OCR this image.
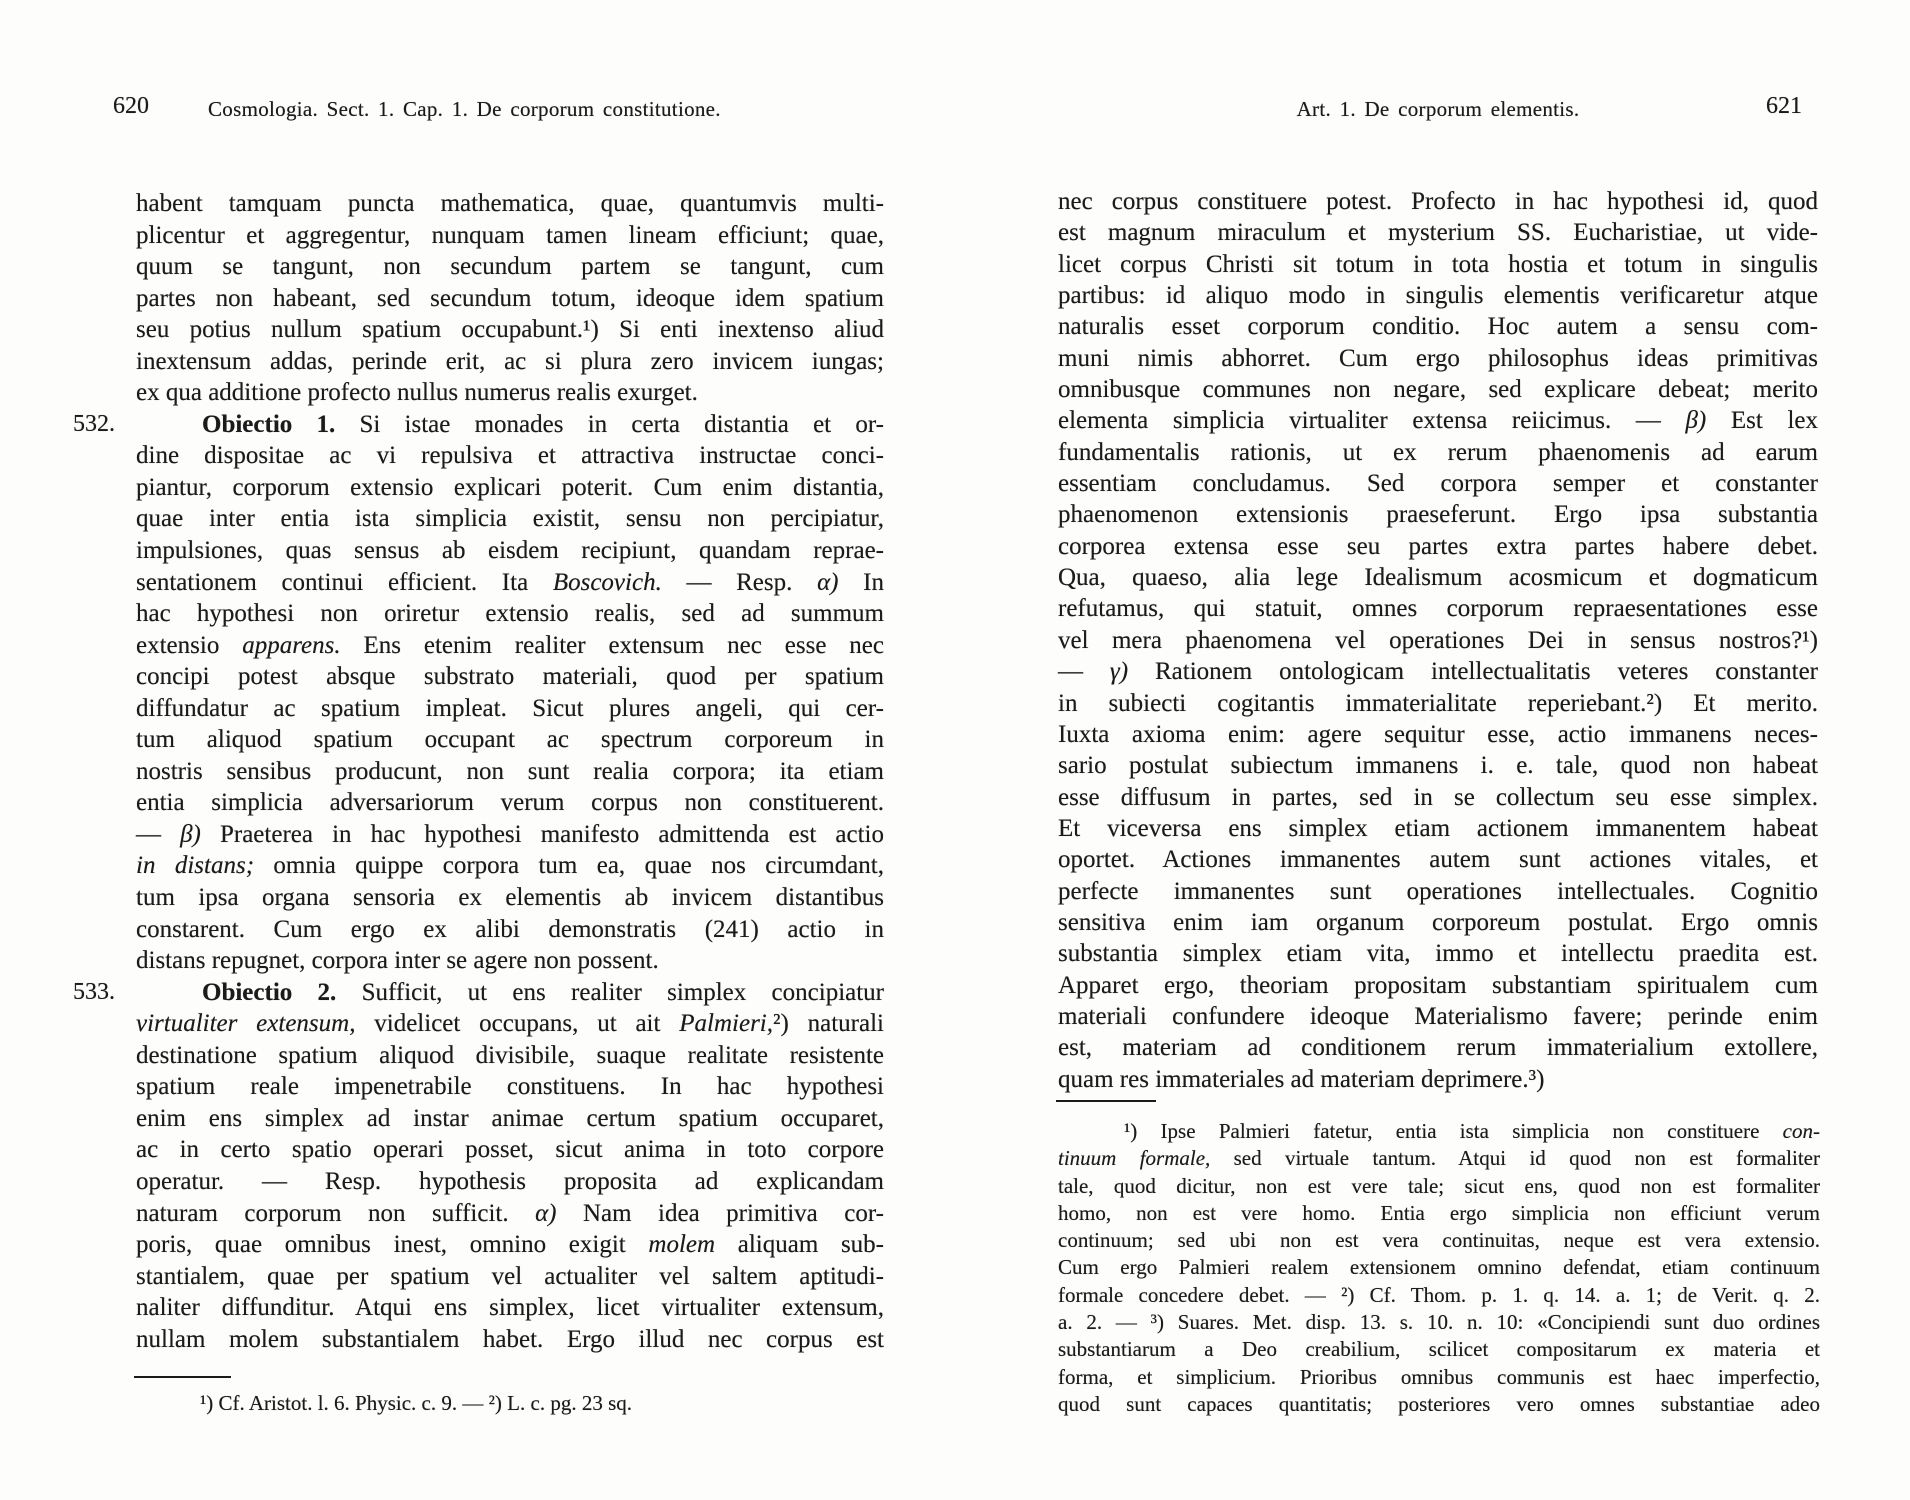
620	Cosmologia. Sect. 1. Cap. 1. De corporum constitutione.
habent tamquam puncta mathematica, quae, quantumvis multi-
plicentur et aggregentur, nunquam tamen lineam efficiunt; quae,
quum se tangunt, non secundum partem se tangunt, cum
partes non habeant, sed secundum totum, ideoque idem spatium
seu potius nullum spatium occupabunt.¹) Si enti inextenso aliud
inextensum addas, perinde erit, ac si plura zero invicem iungas;
ex qua additione profecto nullus numerus realis exurget.
Obiectio 1. Si istae monades in certa distantia et or-
dine dispositae ac vi repulsiva et attractiva instructae conci-
piantur, corporum extensio explicari poterit. Cum enim distantia,
quae inter entia ista simplicia existit, sensu non percipiatur,
impulsiones, quas sensus ab eisdem recipiunt, quandam reprae-
sentationem continui efficient. Ita Boscovich. — Resp. α) In
hac hypothesi non oriretur extensio realis, sed ad summum
extensio apparens. Ens etenim realiter extensum nec esse nec
concipi potest absque substrato materiali, quod per spatium
diffundatur ac spatium impleat. Sicut plures angeli, qui cer-
tum aliquod spatium occupant ac spectrum corporeum in
nostris sensibus producunt, non sunt realia corpora; ita etiam
entia simplicia adversariorum verum corpus non constituerent.
— β) Praeterea in hac hypothesi manifesto admittenda est actio
in distans; omnia quippe corpora tum ea, quae nos circumdant,
tum ipsa organa sensoria ex elementis ab invicem distantibus
constarent. Cum ergo ex alibi demonstratis (241) actio in
distans repugnet, corpora inter se agere non possent.
Obiectio 2. Sufficit, ut ens realiter simplex concipiatur
virtualiter extensum, videlicet occupans, ut ait Palmieri,²) naturali
destinatione spatium aliquod divisibile, suaque realitate resistente
spatium reale impenetrabile constituens. In hac hypothesi
enim ens simplex ad instar animae certum spatium occuparet,
ac in certo spatio operari posset, sicut anima in toto corpore
operatur. — Resp. hypothesis proposita ad explicandam
naturam corporum non sufficit. α) Nam idea primitiva cor-
poris, quae omnibus inest, omnino exigit molem aliquam sub-
stantialem, quae per spatium vel actualiter vel saltem aptitudi-
naliter diffunditur. Atqui ens simplex, licet virtualiter extensum,
nullam molem substantialem habet. Ergo illud nec corpus est
532.
533.
¹) Cf. Aristot. l. 6. Physic. c. 9. — ²) L. c. pg. 23 sq.
Art. 1. De corporum elementis.	621
nec corpus constituere potest. Profecto in hac hypothesi id, quod
est magnum miraculum et mysterium SS. Eucharistiae, ut vide-
licet corpus Christi sit totum in tota hostia et totum in singulis
partibus: id aliquo modo in singulis elementis verificaretur atque
naturalis esset corporum conditio. Hoc autem a sensu com-
muni nimis abhorret. Cum ergo philosophus ideas primitivas
omnibusque communes non negare, sed explicare debeat; merito
elementa simplicia virtualiter extensa reiicimus. — β) Est lex
fundamentalis rationis, ut ex rerum phaenomenis ad earum
essentiam concludamus. Sed corpora semper et constanter
phaenomenon extensionis praeseferunt. Ergo ipsa substantia
corporea extensa esse seu partes extra partes habere debet.
Qua, quaeso, alia lege Idealismum acosmicum et dogmaticum
refutamus, qui statuit, omnes corporum repraesentationes esse
vel mera phaenomena vel operationes Dei in sensus nostros?¹)
— γ) Rationem ontologicam intellectualitatis veteres constanter
in subiecti cogitantis immaterialitate reperiebant.²) Et merito.
Iuxta axioma enim: agere sequitur esse, actio immanens neces-
sario postulat subiectum immanens i. e. tale, quod non habeat
esse diffusum in partes, sed in se collectum seu esse simplex.
Et viceversa ens simplex etiam actionem immanentem habeat
oportet. Actiones immanentes autem sunt actiones vitales, et
perfecte immanentes sunt operationes intellectuales. Cognitio
sensitiva enim iam organum corporeum postulat. Ergo omnis
substantia simplex etiam vita, immo et intellectu praedita est.
Apparet ergo, theoriam propositam substantiam spiritualem cum
materiali confundere ideoque Materialismo favere; perinde enim
est, materiam ad conditionem rerum immaterialium extollere,
quam res immateriales ad materiam deprimere.³)
¹) Ipse Palmieri fatetur, entia ista simplicia non constituere con-
tinuum formale, sed virtuale tantum. Atqui id quod non est formaliter
tale, quod dicitur, non est vere tale; sicut ens, quod non est formaliter
homo, non est vere homo. Entia ergo simplicia non efficiunt verum
continuum; sed ubi non est vera continuitas, neque est vera extensio.
Cum ergo Palmieri realem extensionem omnino defendat, etiam continuum
formale concedere debet. — ²) Cf. Thom. p. 1. q. 14. a. 1; de Verit. q. 2.
a. 2. — ³) Suares. Met. disp. 13. s. 10. n. 10: «Concipiendi sunt duo ordines
substantiarum a Deo creabilium, scilicet compositarum ex materia et
forma, et simplicium. Prioribus omnibus communis est haec imperfectio,
quod sunt capaces quantitatis; posteriores vero omnes substantiae adeo
